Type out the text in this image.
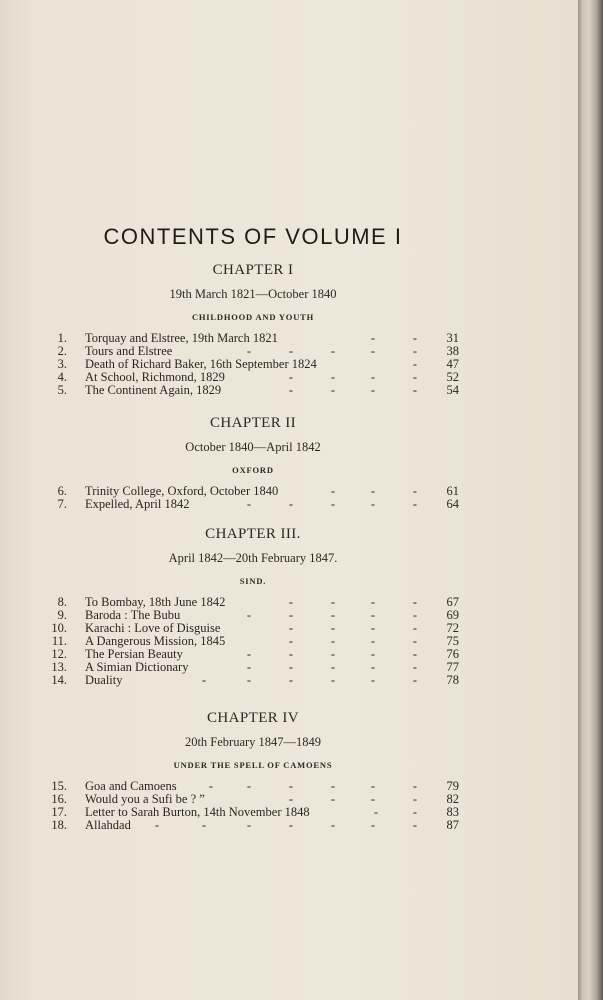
CONTENTS OF VOLUME I
CHAPTER I
19th March 1821—October 1840
CHILDHOOD AND YOUTH
1. Torquay and Elstree, 19th March 1821	-	-	31
2. Tours and Elstree	-	-	-	-	-	38
3. Death of Richard Baker, 16th September 1824	-	47
4. At School, Richmond, 1829	-	-	-	-	52
5. The Continent Again, 1829	-	-	-	-	54
CHAPTER II
October 1840—April 1842
OXFORD
6. Trinity College, Oxford, October 1840	-	-	-	61
7. Expelled, April 1842	-	-	-	-	-	64
CHAPTER III.
April 1842—20th February 1847.
SIND.
8. To Bombay, 18th June 1842	-	-	-	-	67
9. Baroda : The Bubu	-	-	-	-	-	69
10. Karachi : Love of Disguise	-	-	-	-	72
11. A Dangerous Mission, 1845	-	-	-	-	75
12. The Persian Beauty	-	-	-	-	-	76
13. A Simian Dictionary	-	-	-	-	-	77
14. Duality	-	-	-	-	-	-	78
CHAPTER IV
20th February 1847—1849
UNDER THE SPELL OF CAMOENS
15. Goa and Camoens	-	-	-	-	-	-	79
16. Would you a Sufi be ? ”	-	-	-	-	82
17. Letter to Sarah Burton, 14th November 1848	-	-	83
18. Allahdad -	-	-	-	-	-	-	87
